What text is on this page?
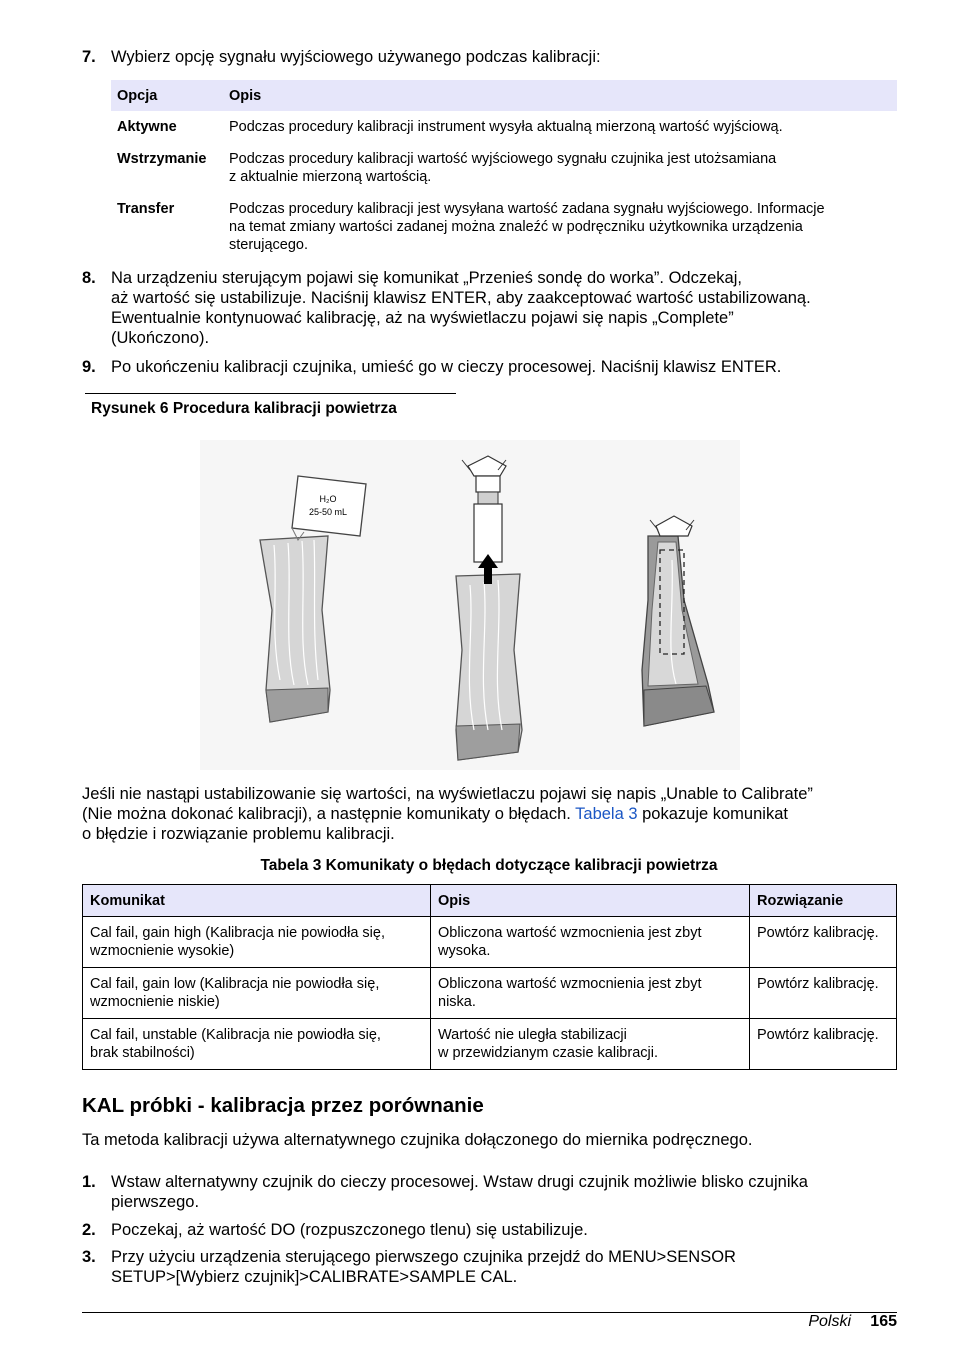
7. Wybierz opcję sygnału wyjściowego używanego podczas kalibracji:
Opcja	Opis
Aktywne	Podczas procedury kalibracji instrument wysyła aktualną mierzoną wartość wyjściową.
Wstrzymanie Podczas procedury kalibracji wartość wyjściowego sygnału czujnika jest utożsamiana
z aktualnie mierzoną wartością.
Transfer	Podczas procedury kalibracji jest wysyłana wartość zadana sygnału wyjściowego. Informacje
na temat zmiany wartości zadanej można znaleźć w podręczniku użytkownika urządzenia
sterującego.
8. Na urządzeniu sterującym pojawi się komunikat „Przenieś sondę do worka”. Odczekaj,
aż wartość się ustabilizuje. Naciśnij klawisz ENTER, aby zaakceptować wartość ustabilizowaną.
Ewentualnie kontynuować kalibrację, aż na wyświetlaczu pojawi się napis „Complete”
(Ukończono).
9. Po ukończeniu kalibracji czujnika, umieść go w cieczy procesowej. Naciśnij klawisz ENTER.
Rysunek 6 Procedura kalibracji powietrza
H₂O
25-50 mL
Jeśli nie nastąpi ustabilizowanie się wartości, na wyświetlaczu pojawi się napis „Unable to Calibrate”
(Nie można dokonać kalibracji), a następnie komunikaty o błędach. Tabela 3 pokazuje komunikat
o błędzie i rozwiązanie problemu kalibracji.
Tabela 3 Komunikaty o błędach dotyczące kalibracji powietrza
Komunikat	Opis	Rozwiązanie

Cal fail, gain high (Kalibracja nie powiodła się,
wzmocnienie wysokie)	Obliczona wartość wzmocnienia jest zbyt
wysoka.	Powtórz kalibrację.

Cal fail, gain low (Kalibracja nie powiodła się,
wzmocnienie niskie)	Obliczona wartość wzmocnienia jest zbyt
niska.	Powtórz kalibrację.

Cal fail, unstable (Kalibracja nie powiodła się,
brak stabilności)	Wartość nie uległa stabilizacji
w przewidzianym czasie kalibracji.	Powtórz kalibrację.
KAL próbki - kalibracja przez porównanie
Ta metoda kalibracji używa alternatywnego czujnika dołączonego do miernika podręcznego.
1. Wstaw alternatywny czujnik do cieczy procesowej. Wstaw drugi czujnik możliwie blisko czujnika
pierwszego.
2. Poczekaj, aż wartość DO (rozpuszczonego tlenu) się ustabilizuje.
3. Przy użyciu urządzenia sterującego pierwszego czujnika przejdź do MENU>SENSOR
SETUP>[Wybierz czujnik]>CALIBRATE>SAMPLE CAL.
Polski 165
